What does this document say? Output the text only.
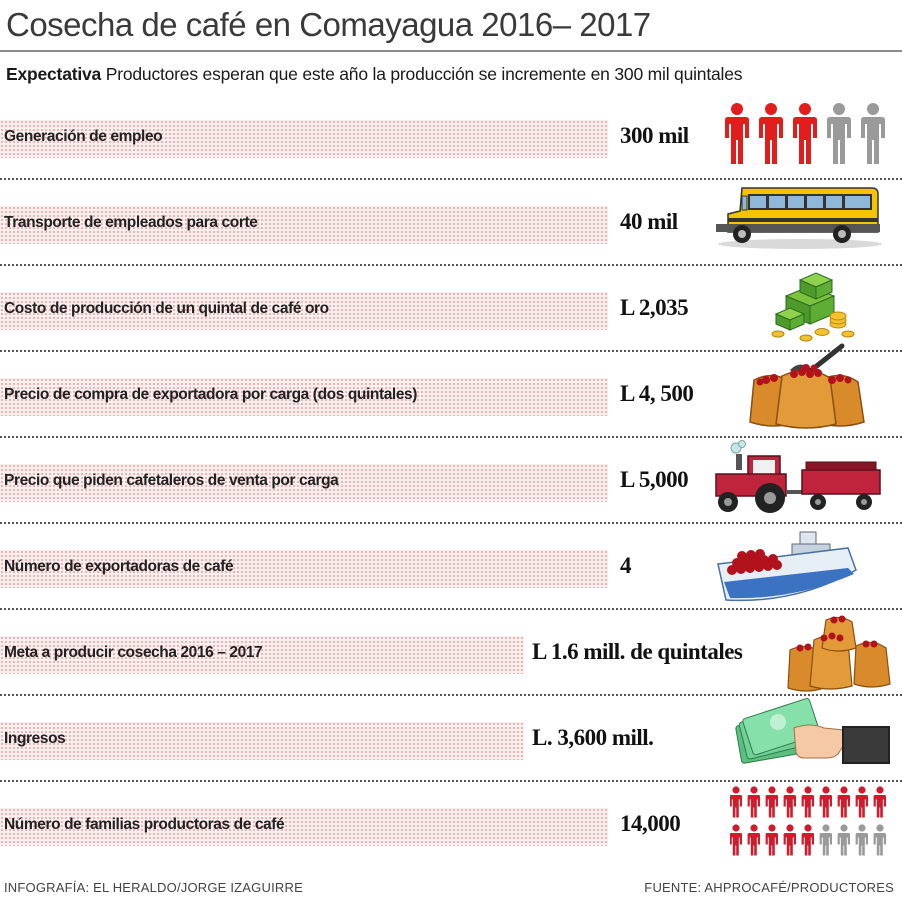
Cosecha de café en Comayagua 2016– 2017
Expectativa Productores esperan que este año la producción se incremente en 300 mil quintales
Generación de empleo	300 mil
Transporte de empleados para corte	40 mil
Costo de producción de un quintal de café oro	L 2,035
Precio de compra de exportadora por carga (dos quintales)	L 4, 500
Precio que piden cafetaleros de venta por carga	L 5,000
Número de exportadoras de café	4
Meta a producir cosecha 2016 – 2017	L 1.6 mill. de quintales
Ingresos	L. 3,600 mill.
Número de familias productoras de café	14,000
INFOGRAFÍA: EL HERALDO/JORGE IZAGUIRRE	FUENTE: AHPROCAFÉ/PRODUCTORES
